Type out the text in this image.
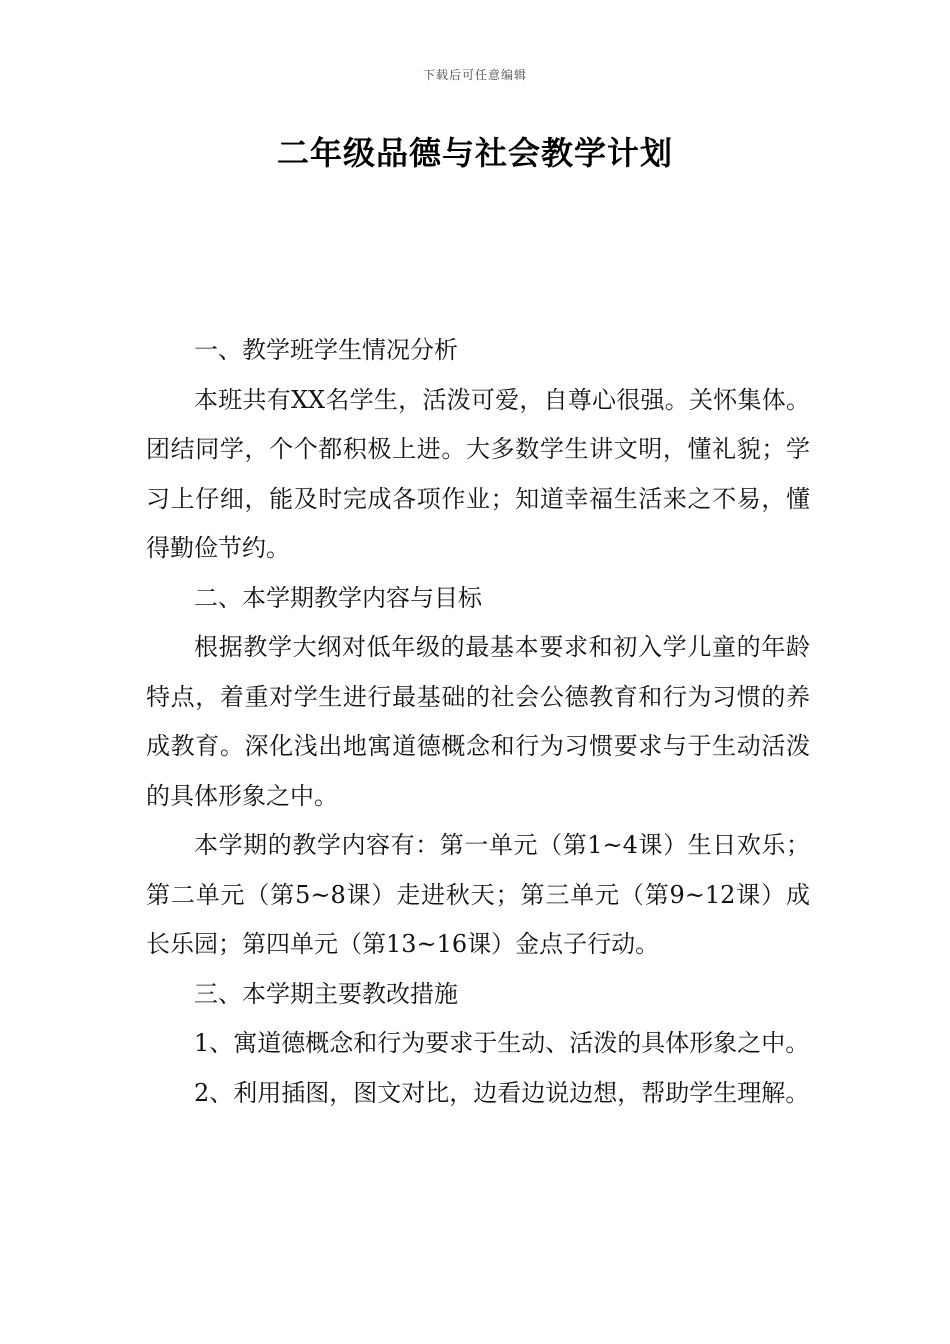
下载后可任意编辑
二年级品德与社会教学计划

一、教学班学生情况分析

本班共有XX名学生，活泼可爱，自尊心很强。关怀集体。团结同学，个个都积极上进。大多数学生讲文明，懂礼貌；学习上仔细，能及时完成各项作业；知道幸福生活来之不易，懂得勤俭节约。

二、本学期教学内容与目标

根据教学大纲对低年级的最基本要求和初入学儿童的年龄特点，着重对学生进行最基础的社会公德教育和行为习惯的养成教育。深化浅出地寓道德概念和行为习惯要求与于生动活泼的具体形象之中。

本学期的教学内容有：第一单元（第1~4课）生日欢乐；第二单元（第5~8课）走进秋天；第三单元（第9~12课）成长乐园；第四单元（第13~16课）金点子行动。

三、本学期主要教改措施

1、寓道德概念和行为要求于生动、活泼的具体形象之中。

2、利用插图，图文对比，边看边说边想，帮助学生理解。
